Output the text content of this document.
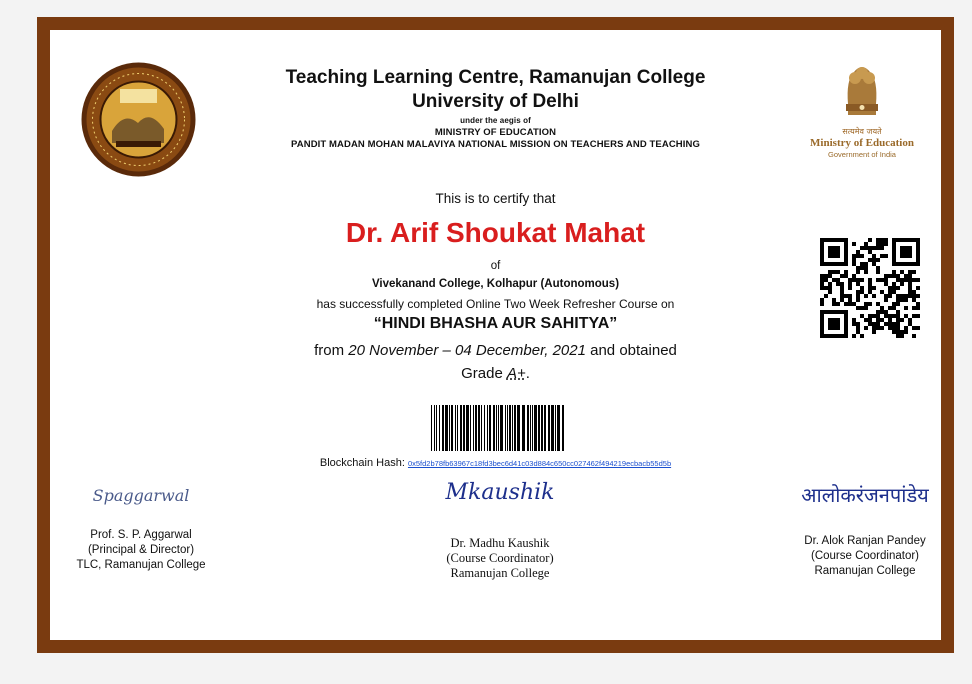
Teaching Learning Centre, Ramanujan College
University of Delhi
under the aegis of
MINISTRY OF EDUCATION
PANDIT MADAN MOHAN MALAVIYA NATIONAL MISSION ON TEACHERS AND TEACHING
सत्यमेव जयते
Ministry of Education
Government of India
This is to certify that
Dr. Arif Shoukat Mahat
of
Vivekanand College, Kolhapur (Autonomous)
has successfully completed Online Two Week Refresher Course on
“HINDI BHASHA AUR SAHITYA”
from 20 November – 04 December, 2021 and obtained
Grade A+.
Blockchain Hash: 0x5fd2b78fb63967c18fd3bec6d41c03d884c650cc027462f494219ecbacb55d5b
Spaggarwal
Prof. S. P. Aggarwal
(Principal & Director)
TLC, Ramanujan College
Mkaushik
Dr. Madhu Kaushik
(Course Coordinator)
Ramanujan College
आलोकरंजनपांडेय
Dr. Alok Ranjan Pandey
(Course Coordinator)
Ramanujan College
